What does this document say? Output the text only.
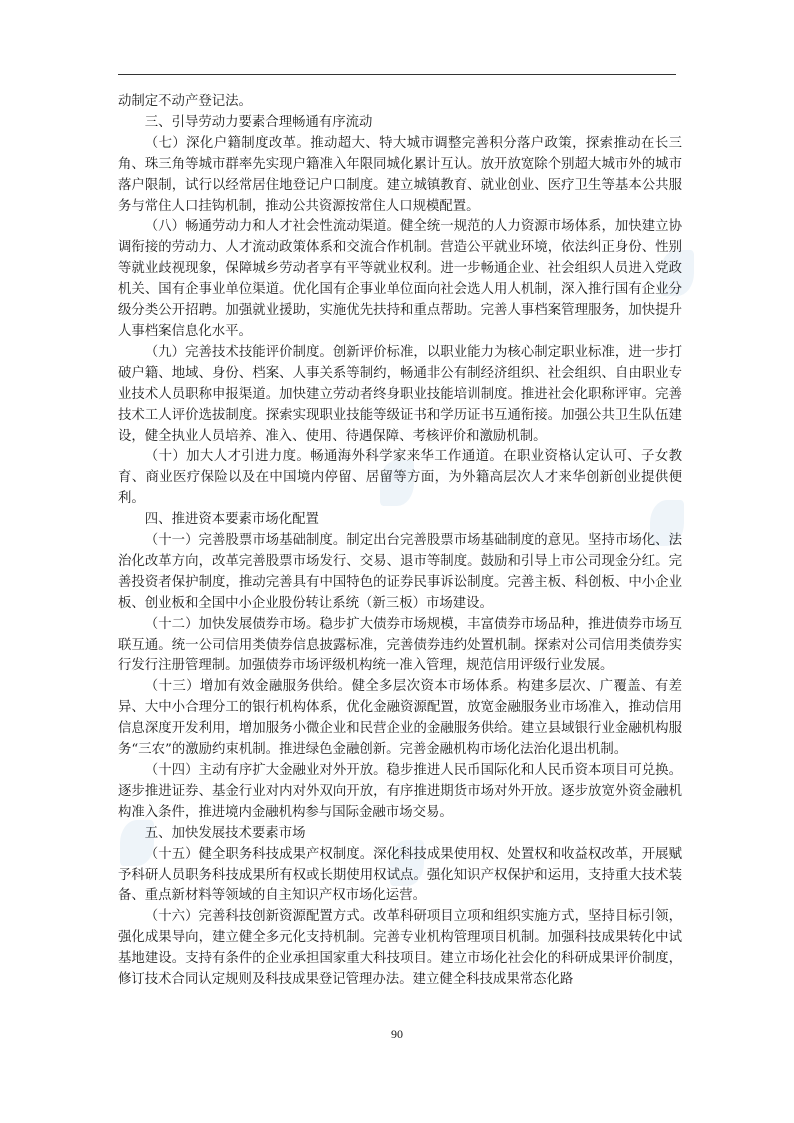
动制定不动产登记法。

三、引导劳动力要素合理畅通有序流动

（七）深化户籍制度改革。推动超大、特大城市调整完善积分落户政策，探索推动在长三角、珠三角等城市群率先实现户籍准入年限同城化累计互认。放开放宽除个别超大城市外的城市落户限制，试行以经常居住地登记户口制度。建立城镇教育、就业创业、医疗卫生等基本公共服务与常住人口挂钩机制，推动公共资源按常住人口规模配置。

（八）畅通劳动力和人才社会性流动渠道。健全统一规范的人力资源市场体系，加快建立协调衔接的劳动力、人才流动政策体系和交流合作机制。营造公平就业环境，依法纠正身份、性别等就业歧视现象，保障城乡劳动者享有平等就业权利。进一步畅通企业、社会组织人员进入党政机关、国有企事业单位渠道。优化国有企事业单位面向社会选人用人机制，深入推行国有企业分级分类公开招聘。加强就业援助，实施优先扶持和重点帮助。完善人事档案管理服务，加快提升人事档案信息化水平。

（九）完善技术技能评价制度。创新评价标准，以职业能力为核心制定职业标准，进一步打破户籍、地域、身份、档案、人事关系等制约，畅通非公有制经济组织、社会组织、自由职业专业技术人员职称申报渠道。加快建立劳动者终身职业技能培训制度。推进社会化职称评审。完善技术工人评价选拔制度。探索实现职业技能等级证书和学历证书互通衔接。加强公共卫生队伍建设，健全执业人员培养、准入、使用、待遇保障、考核评价和激励机制。

（十）加大人才引进力度。畅通海外科学家来华工作通道。在职业资格认定认可、子女教育、商业医疗保险以及在中国境内停留、居留等方面，为外籍高层次人才来华创新创业提供便利。

四、推进资本要素市场化配置

（十一）完善股票市场基础制度。制定出台完善股票市场基础制度的意见。坚持市场化、法治化改革方向，改革完善股票市场发行、交易、退市等制度。鼓励和引导上市公司现金分红。完善投资者保护制度，推动完善具有中国特色的证券民事诉讼制度。完善主板、科创板、中小企业板、创业板和全国中小企业股份转让系统（新三板）市场建设。

（十二）加快发展债券市场。稳步扩大债券市场规模，丰富债券市场品种，推进债券市场互联互通。统一公司信用类债券信息披露标准，完善债券违约处置机制。探索对公司信用类债券实行发行注册管理制。加强债券市场评级机构统一准入管理，规范信用评级行业发展。

（十三）增加有效金融服务供给。健全多层次资本市场体系。构建多层次、广覆盖、有差异、大中小合理分工的银行机构体系，优化金融资源配置，放宽金融服务业市场准入，推动信用信息深度开发利用，增加服务小微企业和民营企业的金融服务供给。建立县域银行业金融机构服务“三农”的激励约束机制。推进绿色金融创新。完善金融机构市场化法治化退出机制。

（十四）主动有序扩大金融业对外开放。稳步推进人民币国际化和人民币资本项目可兑换。逐步推进证券、基金行业对内对外双向开放，有序推进期货市场对外开放。逐步放宽外资金融机构准入条件，推进境内金融机构参与国际金融市场交易。

五、加快发展技术要素市场

（十五）健全职务科技成果产权制度。深化科技成果使用权、处置权和收益权改革，开展赋予科研人员职务科技成果所有权或长期使用权试点。强化知识产权保护和运用，支持重大技术装备、重点新材料等领域的自主知识产权市场化运营。

（十六）完善科技创新资源配置方式。改革科研项目立项和组织实施方式，坚持目标引领，强化成果导向，建立健全多元化支持机制。完善专业机构管理项目机制。加强科技成果转化中试基地建设。支持有条件的企业承担国家重大科技项目。建立市场化社会化的科研成果评价制度，修订技术合同认定规则及科技成果登记管理办法。建立健全科技成果常态化路

90
